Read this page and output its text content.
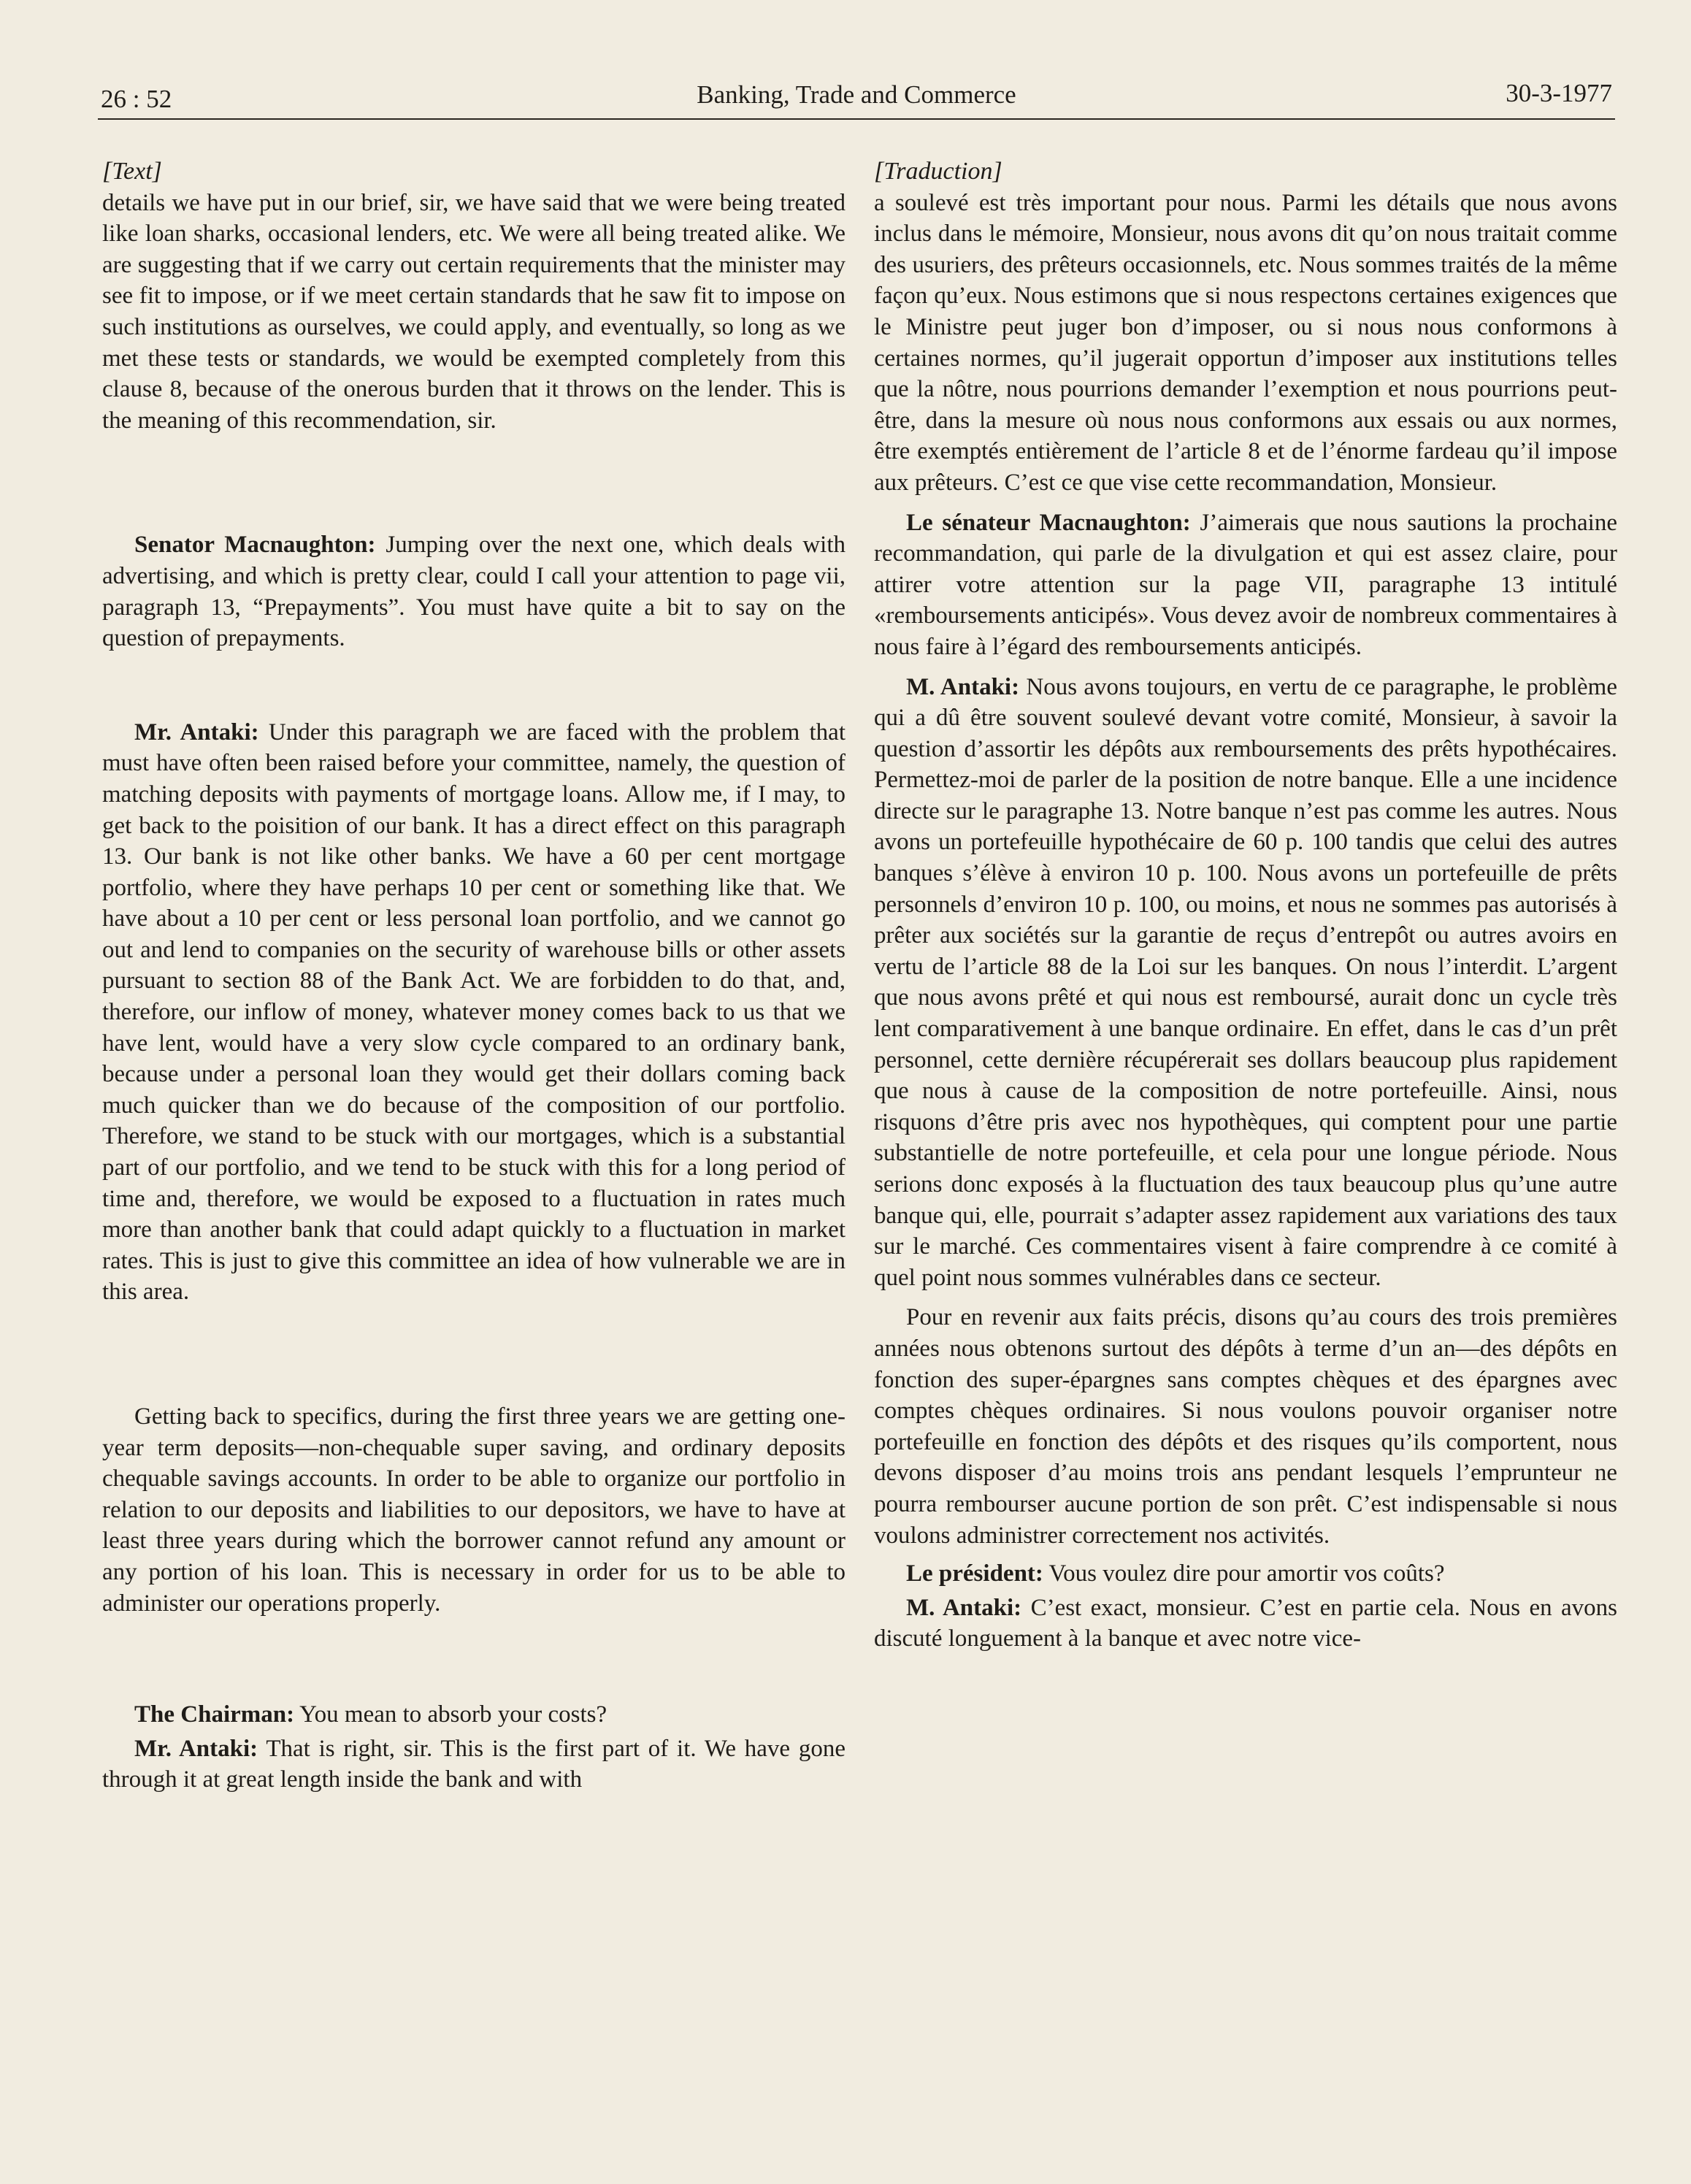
26 : 52	Banking, Trade and Commerce	30-3-1977

[Text]

details we have put in our brief, sir, we have said that we were being treated like loan sharks, occasional lenders, etc. We were all being treated alike. We are suggesting that if we carry out certain requirements that the minister may see fit to impose, or if we meet certain standards that he saw fit to impose on such institutions as ourselves, we could apply, and eventually, so long as we met these tests or standards, we would be exempted completely from this clause 8, because of the onerous burden that it throws on the lender. This is the meaning of this recommendation, sir.

Senator Macnaughton: Jumping over the next one, which deals with advertising, and which is pretty clear, could I call your attention to page vii, paragraph 13, “Prepayments”. You must have quite a bit to say on the question of prepayments.

Mr. Antaki: Under this paragraph we are faced with the problem that must have often been raised before your committee, namely, the question of matching deposits with payments of mortgage loans. Allow me, if I may, to get back to the poisition of our bank. It has a direct effect on this paragraph 13. Our bank is not like other banks. We have a 60 per cent mortgage portfolio, where they have perhaps 10 per cent or something like that. We have about a 10 per cent or less personal loan portfolio, and we cannot go out and lend to companies on the security of warehouse bills or other assets pursuant to section 88 of the Bank Act. We are forbidden to do that, and, therefore, our inflow of money, whatever money comes back to us that we have lent, would have a very slow cycle compared to an ordinary bank, because under a personal loan they would get their dollars coming back much quicker than we do because of the composition of our portfolio. Therefore, we stand to be stuck with our mortgages, which is a substantial part of our portfolio, and we tend to be stuck with this for a long period of time and, therefore, we would be exposed to a fluctuation in rates much more than another bank that could adapt quickly to a fluctuation in market rates. This is just to give this committee an idea of how vulnerable we are in this area.

Getting back to specifics, during the first three years we are getting one-year term deposits—non-chequable super saving, and ordinary deposits chequable savings accounts. In order to be able to organize our portfolio in relation to our deposits and liabilities to our depositors, we have to have at least three years during which the borrower cannot refund any amount or any portion of his loan. This is necessary in order for us to be able to administer our operations properly.

The Chairman: You mean to absorb your costs?

Mr. Antaki: That is right, sir. This is the first part of it. We have gone through it at great length inside the bank and with

[Traduction]

a soulevé est très important pour nous. Parmi les détails que nous avons inclus dans le mémoire, Monsieur, nous avons dit qu’on nous traitait comme des usuriers, des prêteurs occasionnels, etc. Nous sommes traités de la même façon qu’eux. Nous estimons que si nous respectons certaines exigences que le Ministre peut juger bon d’imposer, ou si nous nous conformons à certaines normes, qu’il jugerait opportun d’imposer aux institutions telles que la nôtre, nous pourrions demander l’exemption et nous pourrions peut-être, dans la mesure où nous nous conformons aux essais ou aux normes, être exemptés entièrement de l’article 8 et de l’énorme fardeau qu’il impose aux prêteurs. C’est ce que vise cette recommandation, Monsieur.

Le sénateur Macnaughton: J’aimerais que nous sautions la prochaine recommandation, qui parle de la divulgation et qui est assez claire, pour attirer votre attention sur la page VII, paragraphe 13 intitulé «remboursements anticipés». Vous devez avoir de nombreux commentaires à nous faire à l’égard des remboursements anticipés.

M. Antaki: Nous avons toujours, en vertu de ce paragraphe, le problème qui a dû être souvent soulevé devant votre comité, Monsieur, à savoir la question d’assortir les dépôts aux remboursements des prêts hypothécaires. Permettez-moi de parler de la position de notre banque. Elle a une incidence directe sur le paragraphe 13. Notre banque n’est pas comme les autres. Nous avons un portefeuille hypothécaire de 60 p. 100 tandis que celui des autres banques s’élève à environ 10 p. 100. Nous avons un portefeuille de prêts personnels d’environ 10 p. 100, ou moins, et nous ne sommes pas autorisés à prêter aux sociétés sur la garantie de reçus d’entrepôt ou autres avoirs en vertu de l’article 88 de la Loi sur les banques. On nous l’interdit. L’argent que nous avons prêté et qui nous est remboursé, aurait donc un cycle très lent comparativement à une banque ordinaire. En effet, dans le cas d’un prêt personnel, cette dernière récupérerait ses dollars beaucoup plus rapidement que nous à cause de la composition de notre portefeuille. Ainsi, nous risquons d’être pris avec nos hypothèques, qui comptent pour une partie substantielle de notre portefeuille, et cela pour une longue période. Nous serions donc exposés à la fluctuation des taux beaucoup plus qu’une autre banque qui, elle, pourrait s’adapter assez rapidement aux variations des taux sur le marché. Ces commentaires visent à faire comprendre à ce comité à quel point nous sommes vulnérables dans ce secteur.

Pour en revenir aux faits précis, disons qu’au cours des trois premières années nous obtenons surtout des dépôts à terme d’un an—des dépôts en fonction des super-épargnes sans comptes chèques et des épargnes avec comptes chèques ordinaires. Si nous voulons pouvoir organiser notre portefeuille en fonction des dépôts et des risques qu’ils comportent, nous devons disposer d’au moins trois ans pendant lesquels l’emprunteur ne pourra rembourser aucune portion de son prêt. C’est indispensable si nous voulons administrer correctement nos activités.

Le président: Vous voulez dire pour amortir vos coûts?

M. Antaki: C’est exact, monsieur. C’est en partie cela. Nous en avons discuté longuement à la banque et avec notre vice-
